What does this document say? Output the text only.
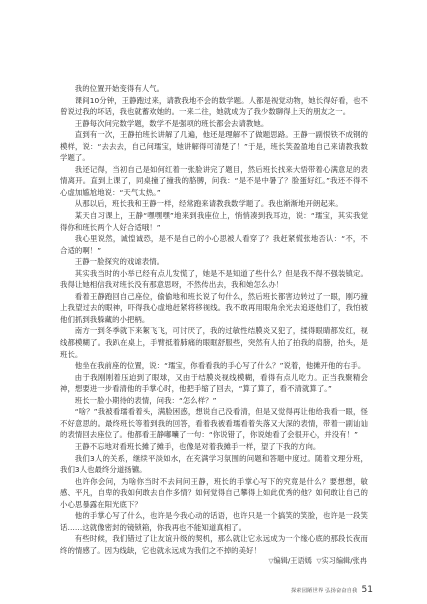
我的位置开始变得有人气。

课间10分钟，王静跑过来，请教我地不会的数学题。人都是视觉动物，她长得好看，也不曾说过我的坏话，我也就蓄欢她的。一来二往，她就成为了我少数聊得上天的朋友之一。

王静每次问完数学题，数学不是强项的班长都会去请教她。

直到有一次，王静拍班长讲解了几遍，他还是理解不了做题思路。王静一副恨铁不成钢的模样，说：“去去去，自己问瓀宝，她讲解得可清楚了！”于是，班长笑盈盈地自己来请教我数学题了。

我还记得，当初自己是如何红着一张脸讲完了题目，然后班长找来大悟带着心满意足的表情离开。直到上课了，同桌撞了撞我的胳膊，问我：“是不是中暑了？脸蛋好红。”我还不得不心虚加尴尬地说：“天气太热。”

从那以后，班长我和王静一样，经常跑来请教我数学题了。我也渐渐地开朗起来。

某天自习课上，王静“嘿嘿嘿”地来到我座位上，悄悄凑到我耳边，说：“瓀宝，其实我觉得你和班长两个人好合适哦！”

我心里说然，诚惶诚恐，是不是自己的小心思被人看穿了？我赶紧慌张地否认：“不，不合适的啊！”

王静一脸探究的戏谑表情。

其实我当时的小举已经有点儿发慌了，她是不是知道了些什么？但是我不得不强装镇定。我得让她相信我对班长没有那意思呀，不然传出去，我和她怎么办！

看着王静跑回自己座位，偷偷地和班长说了句什么，然后班长都害边转过了一眼，刚巧撞上我望过去的眼神，吓得我心虚地赶紧将移视线。我不敢再用眼角余光去追逐他们了，我怕被他们抓到我躲藏的小把柄。

南方一到冬季就下来絮飞飞，可讨厌了，我的过敏性结膜炎又犯了，揉得眼睛都发红，视线都模糊了。我趴在桌上，手臂抵着肺痛的眼眶舒服些，突然有人拍了拍我的肩膀，抬头，是班长。

他坐在我前座的位置，说：“瓀宝，你看看我的手心写了什么？”说着，他摊开他的右手。

由于我刚刚着压迫到了眼球，又由于结膜炎视线模糊，看得有点儿吃力。正当我聚精会神，想要进一步看清他的手掌心时，他把手缩了回去，“算了算了，看不清就算了。”

班长一脸小期待的表情，问我：“怎么样？”

“啥？”我被看瓀看着头，满脸困惑，想说自己没看清，但是又觉得再让他给我看一眼，怪不好意思的。最终班长等着到我的回答，看着我被看瓀看着失落又大深的表情，带着一副讪讪的表情回去座位了。他都看王静嘟囔了一句：“你说错了，你说她看了会很开心，并没有！”

王静不忘地对看班长摊了摊手，也像是对着我摊手一样，望了下我的方向。

我们3人的关系，继续平淡如水，在充满学习氛围的问题和答题中度过。随着文理分班，我们3人也最终分道扬镳。

也许你会问，为啥你当时不去问问王静，班长的手掌心写下的究竟是什么？要想想，敏感、平凡，自卑的我如何敢去自作多情？如何觉得自己攀得上如此优秀的他？如何敢让自己的小心思暴露在阳光底下？

他的手掌心写了什么，也许是今我心动的话语，也许只是一个搞笑的笑脸，也许是一段笑话……这就像密封的镜锁箱，你我再也不能知道真相了。

有些时候，我们错过了让友谊升级的契机，那么就让它永远成为一个缘心底的那段长夜而终的情感了。因为线缺，它也就永远成为我们之不掉的美好！

▽编辑/王语嫣 ▽实习编辑/张冉
探索园陋世界 弘扬奋奋自我 51
